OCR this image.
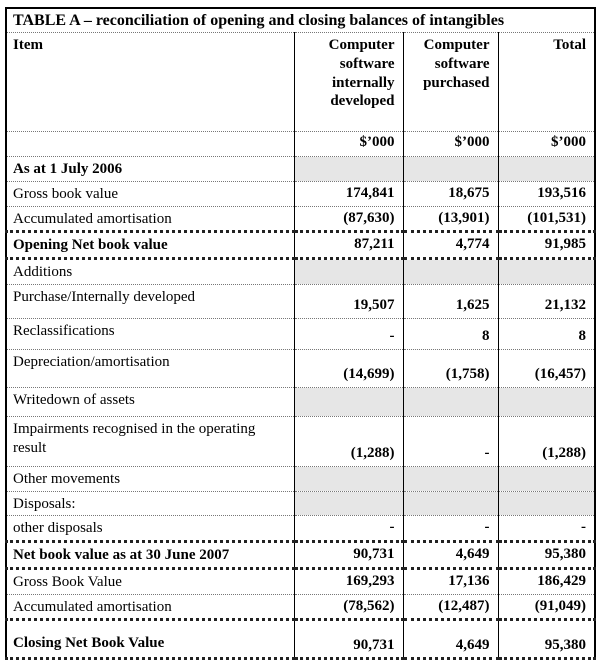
TABLE A – reconciliation of opening and closing balances of intangibles			
Item	Computer software internally developed	Computer software purchased	Total
	$’000	$’000	$’000
As at 1 July 2006			
Gross book value	174,841	18,675	193,516
Accumulated amortisation	(87,630)	(13,901)	(101,531)
Opening Net book value	87,211	4,774	91,985
Additions			
Purchase/Internally developed	19,507	1,625	21,132
Reclassifications	-	8	8
Depreciation/amortisation	(14,699)	(1,758)	(16,457)
Writedown of assets			
Impairments recognised in the operating result	(1,288)	-	(1,288)
Other movements			
Disposals:			
other disposals	-	-	-
Net book value as at 30 June 2007	90,731	4,649	95,380
Gross Book Value	169,293	17,136	186,429
Accumulated amortisation	(78,562)	(12,487)	(91,049)
Closing Net Book Value	90,731	4,649	95,380
